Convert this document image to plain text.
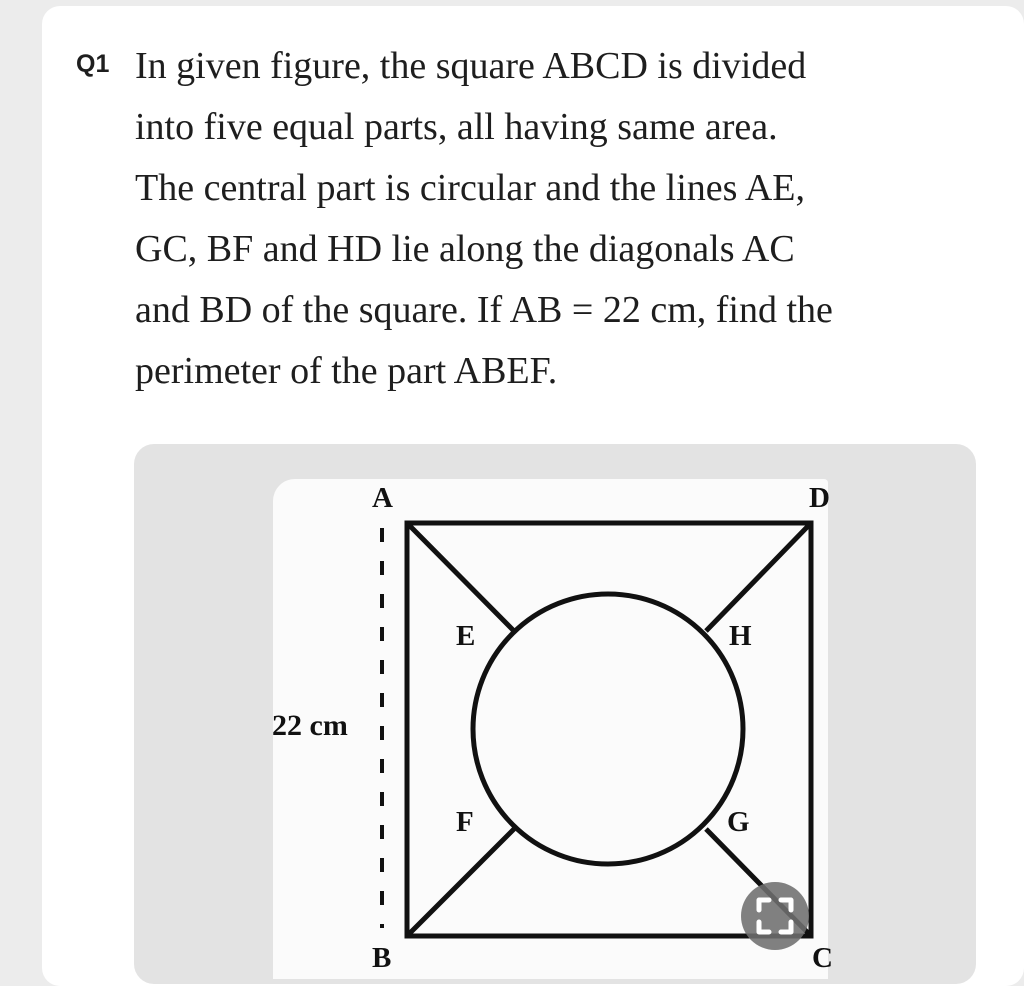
Q1 In given figure, the square ABCD is divided
into five equal parts, all having same area.
The central part is circular and the lines AE,
GC, BF and HD lie along the diagonals AC
and BD of the square. If AB = 22 cm, find the
perimeter of the part ABEF.
A	D
E	H
F	G
B	C
22 cm
